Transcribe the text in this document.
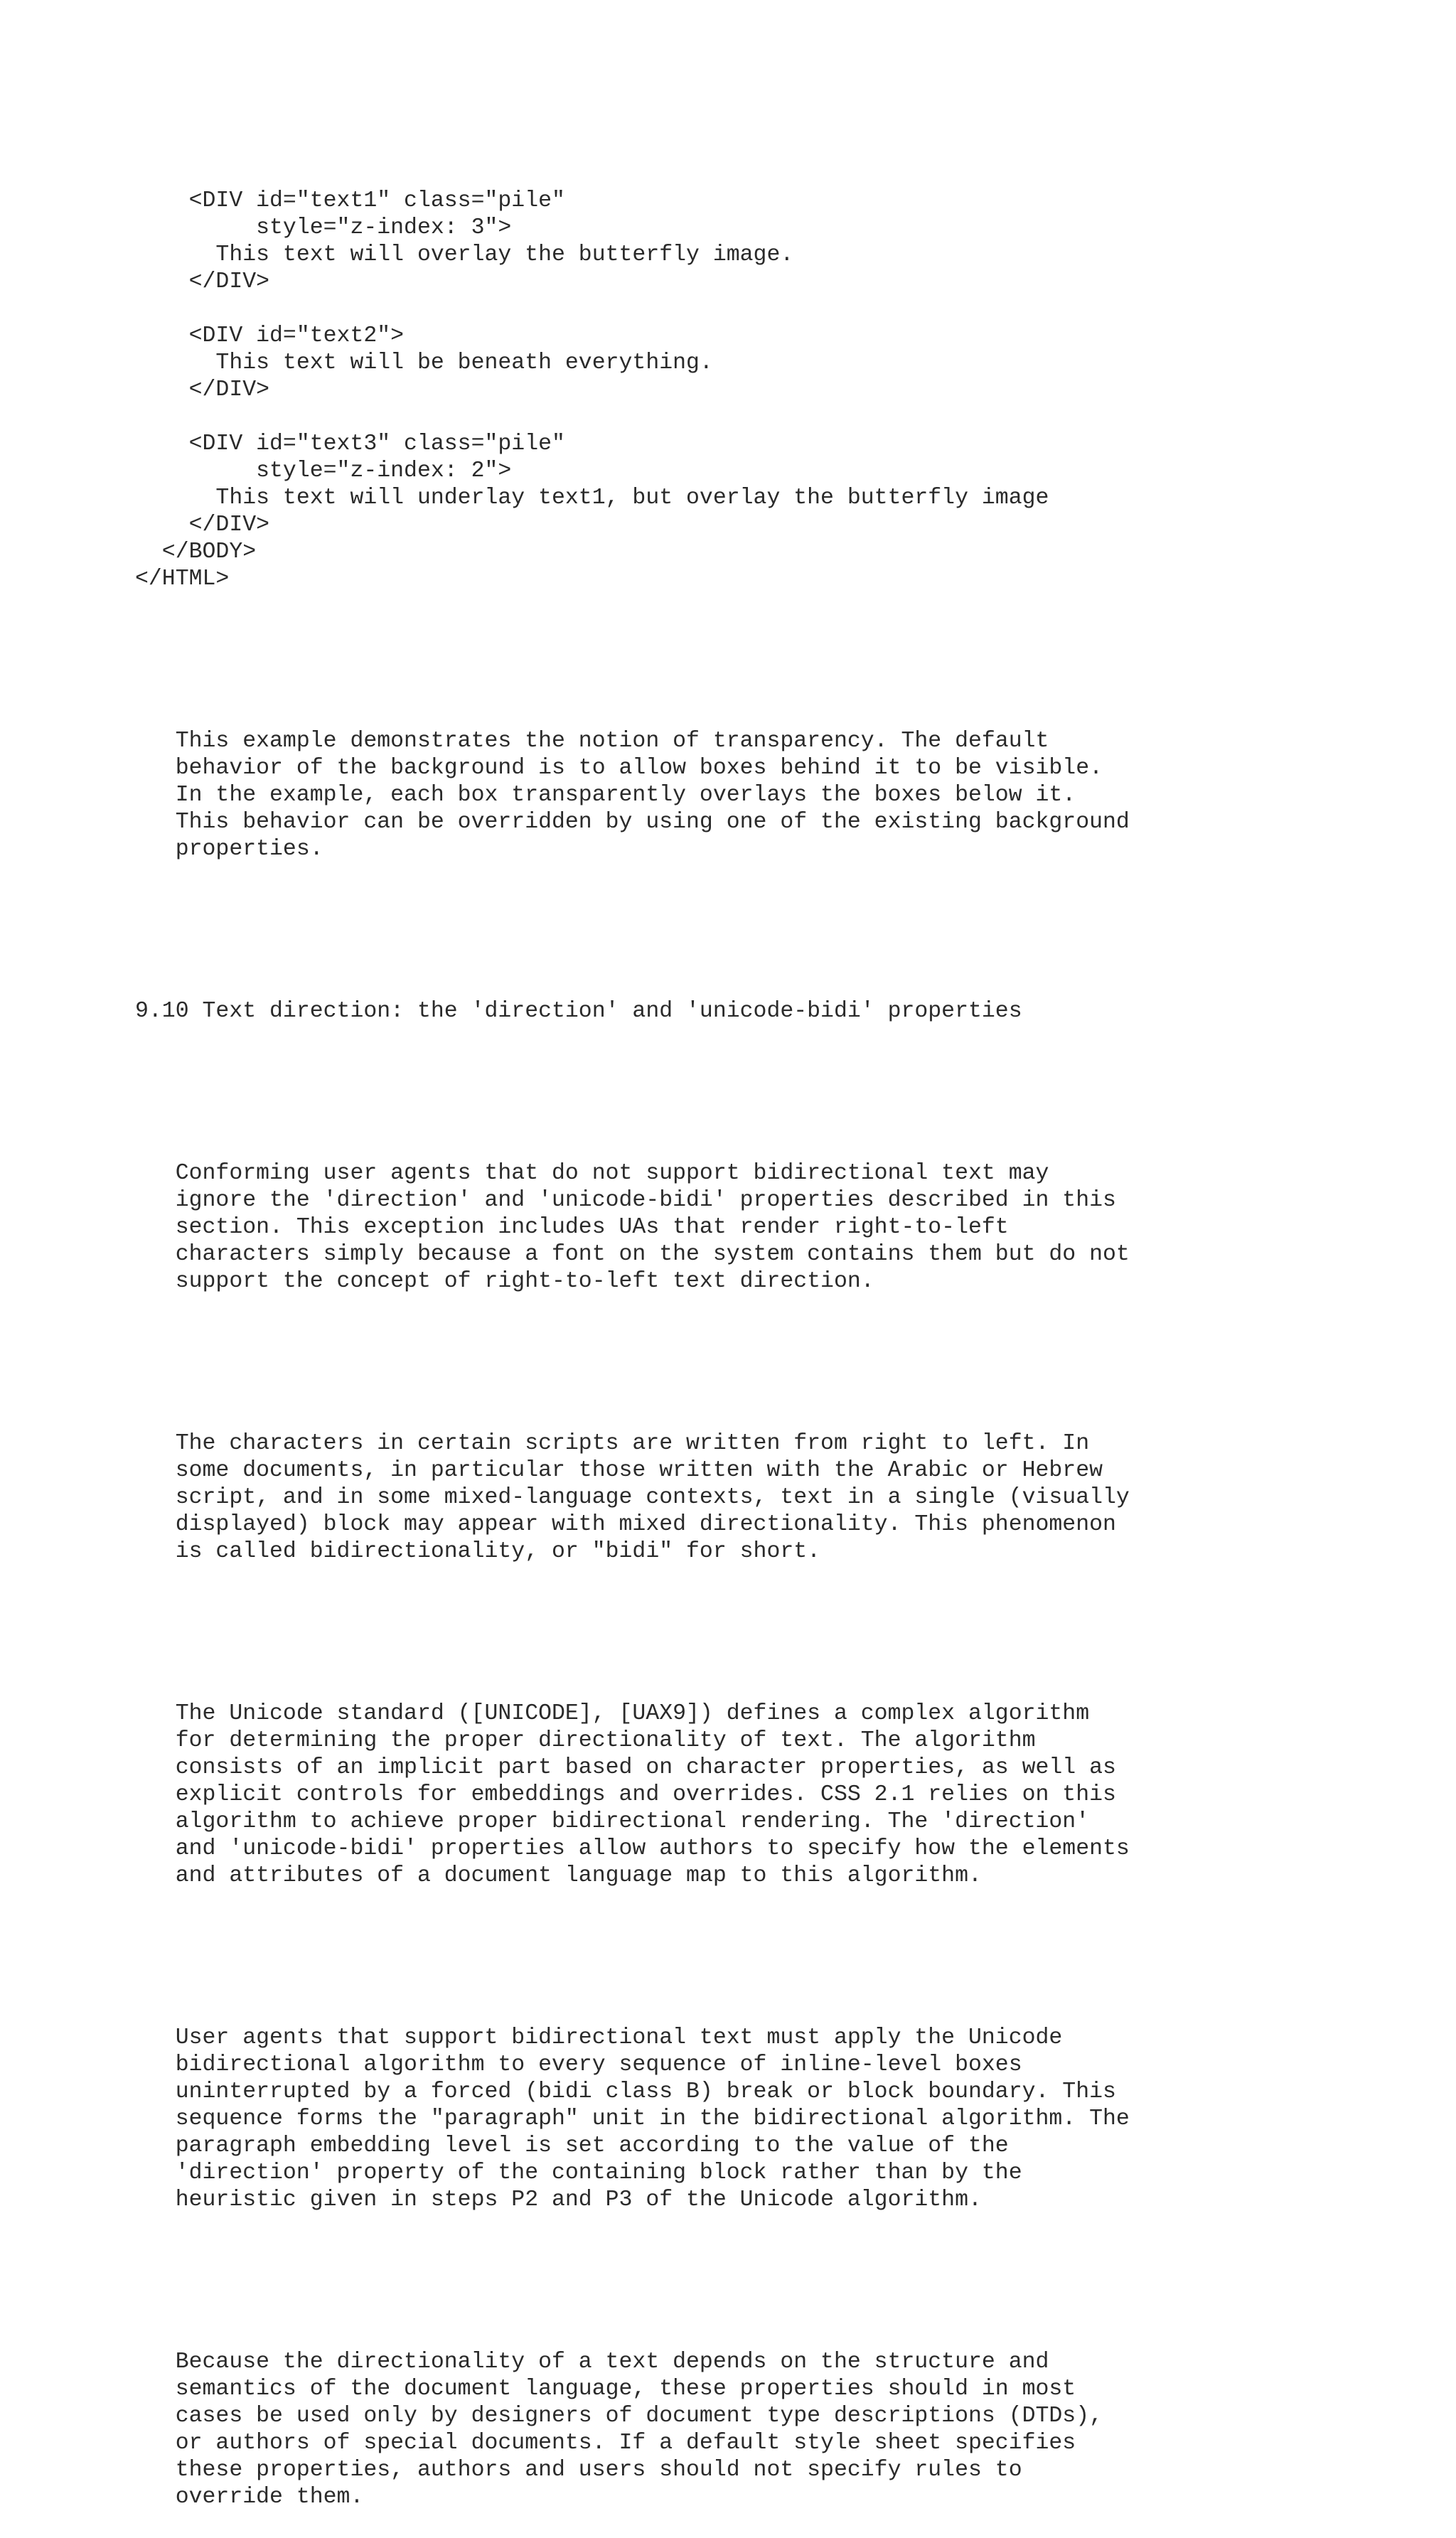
<DIV id="text1" class="pile"
style="z-index: 3">
This text will overlay the butterfly image.
</DIV>

<DIV id="text2">
This text will be beneath everything.
</DIV>

<DIV id="text3" class="pile"
style="z-index: 2">
This text will underlay text1, but overlay the butterfly image
</DIV>
</BODY>
</HTML>

This example demonstrates the notion of transparency. The default
behavior of the background is to allow boxes behind it to be visible.
In the example, each box transparently overlays the boxes below it.
This behavior can be overridden by using one of the existing background
properties.

9.10 Text direction: the 'direction' and 'unicode-bidi' properties

Conforming user agents that do not support bidirectional text may
ignore the 'direction' and 'unicode-bidi' properties described in this
section. This exception includes UAs that render right-to-left
characters simply because a font on the system contains them but do not
support the concept of right-to-left text direction.

The characters in certain scripts are written from right to left. In
some documents, in particular those written with the Arabic or Hebrew
script, and in some mixed-language contexts, text in a single (visually
displayed) block may appear with mixed directionality. This phenomenon
is called bidirectionality, or "bidi" for short.

The Unicode standard ([UNICODE], [UAX9]) defines a complex algorithm
for determining the proper directionality of text. The algorithm
consists of an implicit part based on character properties, as well as
explicit controls for embeddings and overrides. CSS 2.1 relies on this
algorithm to achieve proper bidirectional rendering. The 'direction'
and 'unicode-bidi' properties allow authors to specify how the elements
and attributes of a document language map to this algorithm.

User agents that support bidirectional text must apply the Unicode
bidirectional algorithm to every sequence of inline-level boxes
uninterrupted by a forced (bidi class B) break or block boundary. This
sequence forms the "paragraph" unit in the bidirectional algorithm. The
paragraph embedding level is set according to the value of the
'direction' property of the containing block rather than by the
heuristic given in steps P2 and P3 of the Unicode algorithm.

Because the directionality of a text depends on the structure and
semantics of the document language, these properties should in most
cases be used only by designers of document type descriptions (DTDs),
or authors of special documents. If a default style sheet specifies
these properties, authors and users should not specify rules to
override them.
